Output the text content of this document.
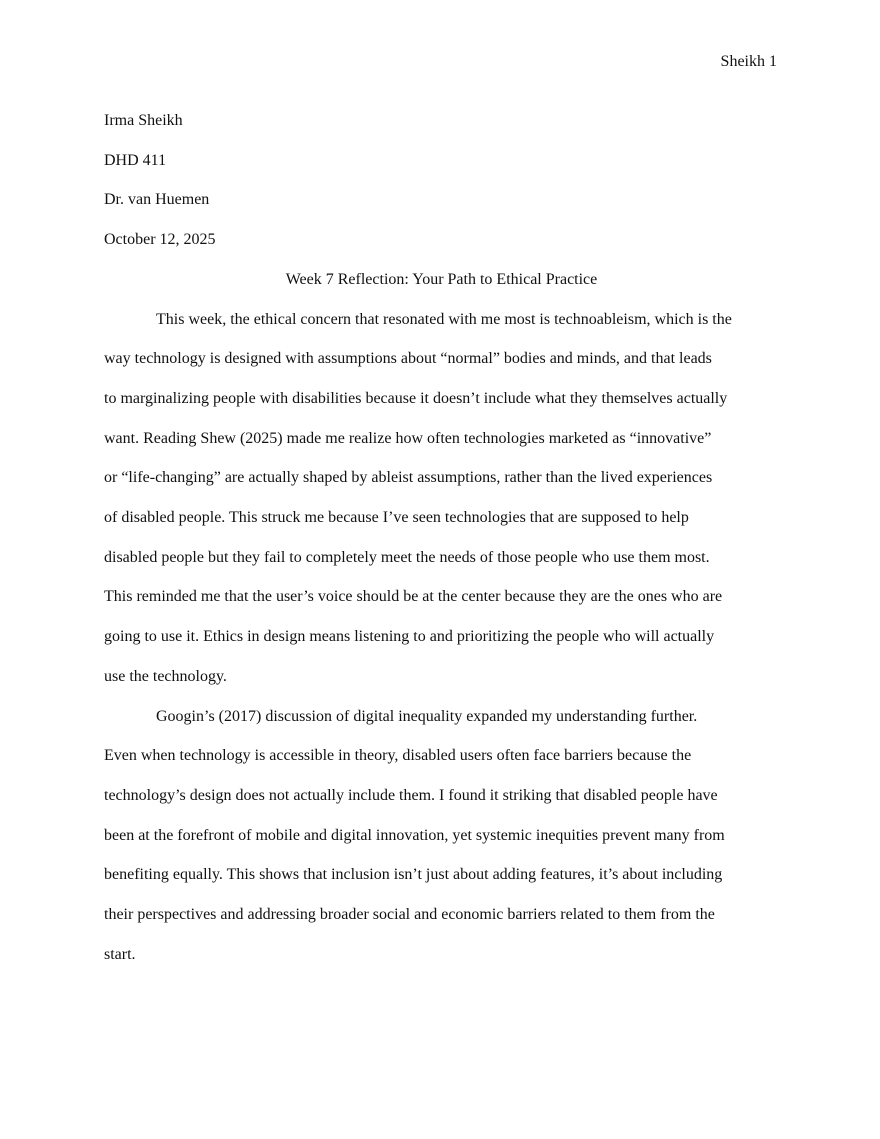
Sheikh 1

Irma Sheikh

DHD 411

Dr. van Huemen

October 12, 2025

Week 7 Reflection: Your Path to Ethical Practice

This week, the ethical concern that resonated with me most is technoableism, which is the
way technology is designed with assumptions about “normal” bodies and minds, and that leads
to marginalizing people with disabilities because it doesn’t include what they themselves actually
want. Reading Shew (2025) made me realize how often technologies marketed as “innovative”
or “life-changing” are actually shaped by ableist assumptions, rather than the lived experiences
of disabled people. This struck me because I’ve seen technologies that are supposed to help
disabled people but they fail to completely meet the needs of those people who use them most.
This reminded me that the user’s voice should be at the center because they are the ones who are
going to use it. Ethics in design means listening to and prioritizing the people who will actually
use the technology.

Googin’s (2017) discussion of digital inequality expanded my understanding further.
Even when technology is accessible in theory, disabled users often face barriers because the
technology’s design does not actually include them. I found it striking that disabled people have
been at the forefront of mobile and digital innovation, yet systemic inequities prevent many from
benefiting equally. This shows that inclusion isn’t just about adding features, it’s about including
their perspectives and addressing broader social and economic barriers related to them from the
start.
